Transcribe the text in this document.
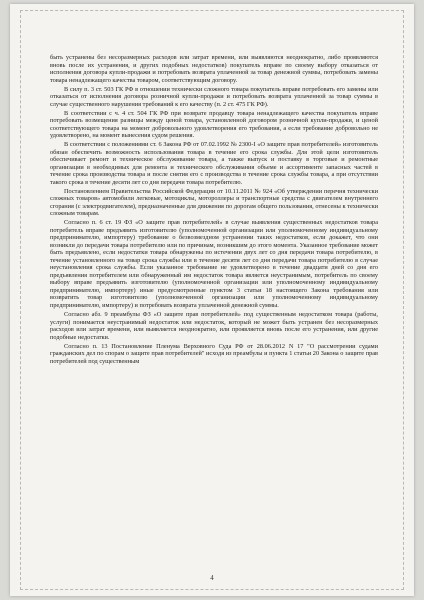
быть устранены без несоразмерных расходов или затрат времени, или выявляются неоднократно, либо проявляются вновь после их устранения, и других подобных недостатков) покупатель вправе по своему выбору отказаться от исполнения договора купли-продажи и потребовать возврата уплаченной за товар денежной суммы, потребовать замены товара ненадлежащего качества товаром, соответствующим договору.

В силу п. 3 ст. 503 ГК РФ в отношении технически сложного товара покупатель вправе потребовать его замены или отказаться от исполнения договора розничной купли-продажи и потребовать возврата уплаченной за товар суммы в случае существенного нарушения требований к его качеству (п. 2 ст. 475 ГК РФ).

В соответствии с ч. 4 ст. 504 ГК РФ при возврате продавцу товара ненадлежащего качества покупатель вправе потребовать возмещения разницы между ценой товара, установленной договором розничной купли-продажи, и ценой соответствующего товара на момент добровольного удовлетворения его требования, а если требование добровольно не удовлетворено, на момент вынесения судом решения.

В соответствии с положениями ст. 6 Закона РФ от 07.02.1992 № 2300-I «О защите прав потребителей» изготовитель обязан обеспечить возможность использования товара в течение его срока службы. Для этой цели изготовитель обеспечивает ремонт и техническое обслуживание товара, а также выпуск и поставку в торговые и ремонтные организации в необходимых для ремонта и технического обслуживания объеме и ассортименте запасных частей в течение срока производства товара и после снятия его с производства в течение срока службы товара, а при отсутствии такого срока в течение десяти лет со дня передачи товара потребителю.

Постановлением Правительства Российской Федерации от 10.11.2011 № 924 «Об утверждении перечня технически сложных товаров» автомобили легковые, мотоциклы, мотороллеры и транспортные средства с двигателем внутреннего сгорания (с электродвигателем), предназначенные для движения по дорогам общего пользования, отнесены к технически сложным товарам.

Согласно п. 6 ст. 19 ФЗ «О защите прав потребителей» в случае выявления существенных недостатков товара потребитель вправе предъявить изготовителю (уполномоченной организации или уполномоченному индивидуальному предпринимателю, импортеру) требование о безвозмездном устранении таких недостатков, если докажет, что они возникли до передачи товара потребителю или по причинам, возникшим до этого момента. Указанное требование может быть предъявлено, если недостатки товара обнаружены по истечении двух лет со дня передачи товара потребителю, в течение установленного на товар срока службы или в течение десяти лет со дня передачи товара потребителю в случае неустановления срока службы. Если указанное требование не удовлетворено в течение двадцати дней со дня его предъявления потребителем или обнаруженный им недостаток товара является неустранимым, потребитель по своему выбору вправе предъявить изготовителю (уполномоченной организации или уполномоченному индивидуальному предпринимателю, импортеру) иные предусмотренные пунктом 3 статьи 18 настоящего Закона требования или возвратить товар изготовителю (уполномоченной организации или уполномоченному индивидуальному предпринимателю, импортеру) и потребовать возврата уплаченной денежной суммы.

Согласно абз. 9 преамбулы ФЗ «О защите прав потребителей» под существенным недостатком товара (работы, услуги) понимается неустранимый недостаток или недостаток, который не может быть устранен без несоразмерных расходов или затрат времени, или выявляется неоднократно, или проявляется вновь после его устранения, или другие подобные недостатки.

Согласно п. 13 Постановление Пленума Верховного Суда РФ от 28.06.2012 N 17 "О рассмотрении судами гражданских дел по спорам о защите прав потребителей" исходя из преамбулы и пункта 1 статьи 20 Закона о защите прав потребителей под существенным

4
